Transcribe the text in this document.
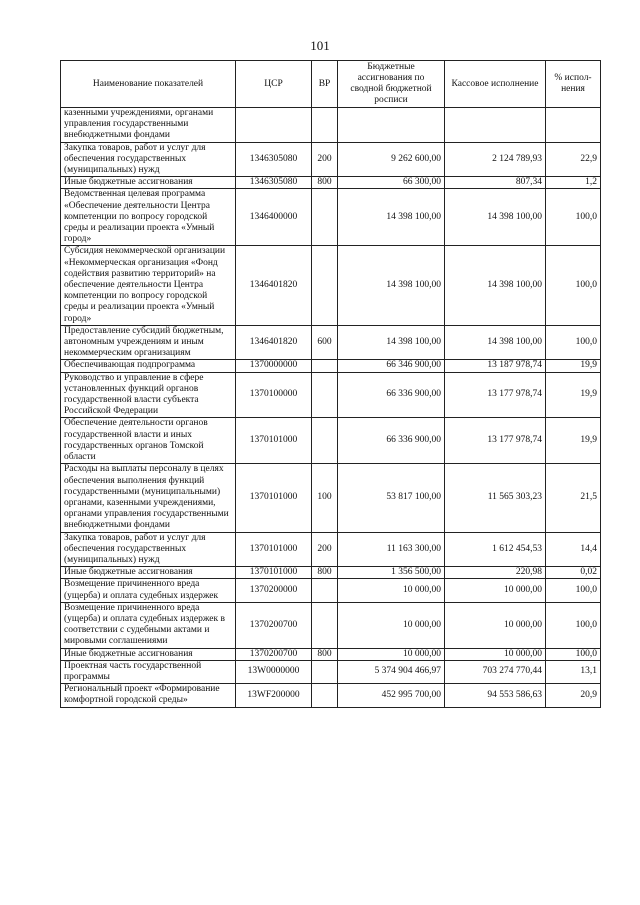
101
Наименование показателей	ЦСР	ВР	Бюджетные ассигнования по сводной бюджетной росписи	Кассовое исполнение	% испол-нения
казенными учреждениями, органами управления государственными внебюджетными фондами					
Закупка товаров, работ и услуг для обеспечения государственных (муниципальных) нужд	1346305080	200	9 262 600,00	2 124 789,93	22,9
Иные бюджетные ассигнования	1346305080	800	66 300,00	807,34	1,2
Ведомственная целевая программа «Обеспечение деятельности Центра компетенции по вопросу городской среды и реализации проекта «Умный город»	1346400000		14 398 100,00	14 398 100,00	100,0
Субсидия некоммерческой организации «Некоммерческая организация «Фонд содействия развитию территорий» на обеспечение деятельности Центра компетенции по вопросу городской среды и реализации проекта «Умный город»	1346401820		14 398 100,00	14 398 100,00	100,0
Предоставление субсидий бюджетным, автономным учреждениям и иным некоммерческим организациям	1346401820	600	14 398 100,00	14 398 100,00	100,0
Обеспечивающая подпрограмма	1370000000		66 346 900,00	13 187 978,74	19,9
Руководство и управление в сфере установленных функций органов государственной власти субъекта Российской Федерации	1370100000		66 336 900,00	13 177 978,74	19,9
Обеспечение деятельности органов государственной власти и иных государственных органов Томской области	1370101000		66 336 900,00	13 177 978,74	19,9
Расходы на выплаты персоналу в целях обеспечения выполнения функций государственными (муниципальными) органами, казенными учреждениями, органами управления государственными внебюджетными фондами	1370101000	100	53 817 100,00	11 565 303,23	21,5
Закупка товаров, работ и услуг для обеспечения государственных (муниципальных) нужд	1370101000	200	11 163 300,00	1 612 454,53	14,4
Иные бюджетные ассигнования	1370101000	800	1 356 500,00	220,98	0,02
Возмещение причиненного вреда (ущерба) и оплата судебных издержек	1370200000		10 000,00	10 000,00	100,0
Возмещение причиненного вреда (ущерба) и оплата судебных издержек в соответствии с судебными актами и мировыми соглашениями	1370200700		10 000,00	10 000,00	100,0
Иные бюджетные ассигнования	1370200700	800	10 000,00	10 000,00	100,0
Проектная часть государственной программы	13W0000000		5 374 904 466,97	703 274 770,44	13,1
Региональный проект «Формирование комфортной городской среды»	13WF200000		452 995 700,00	94 553 586,63	20,9
